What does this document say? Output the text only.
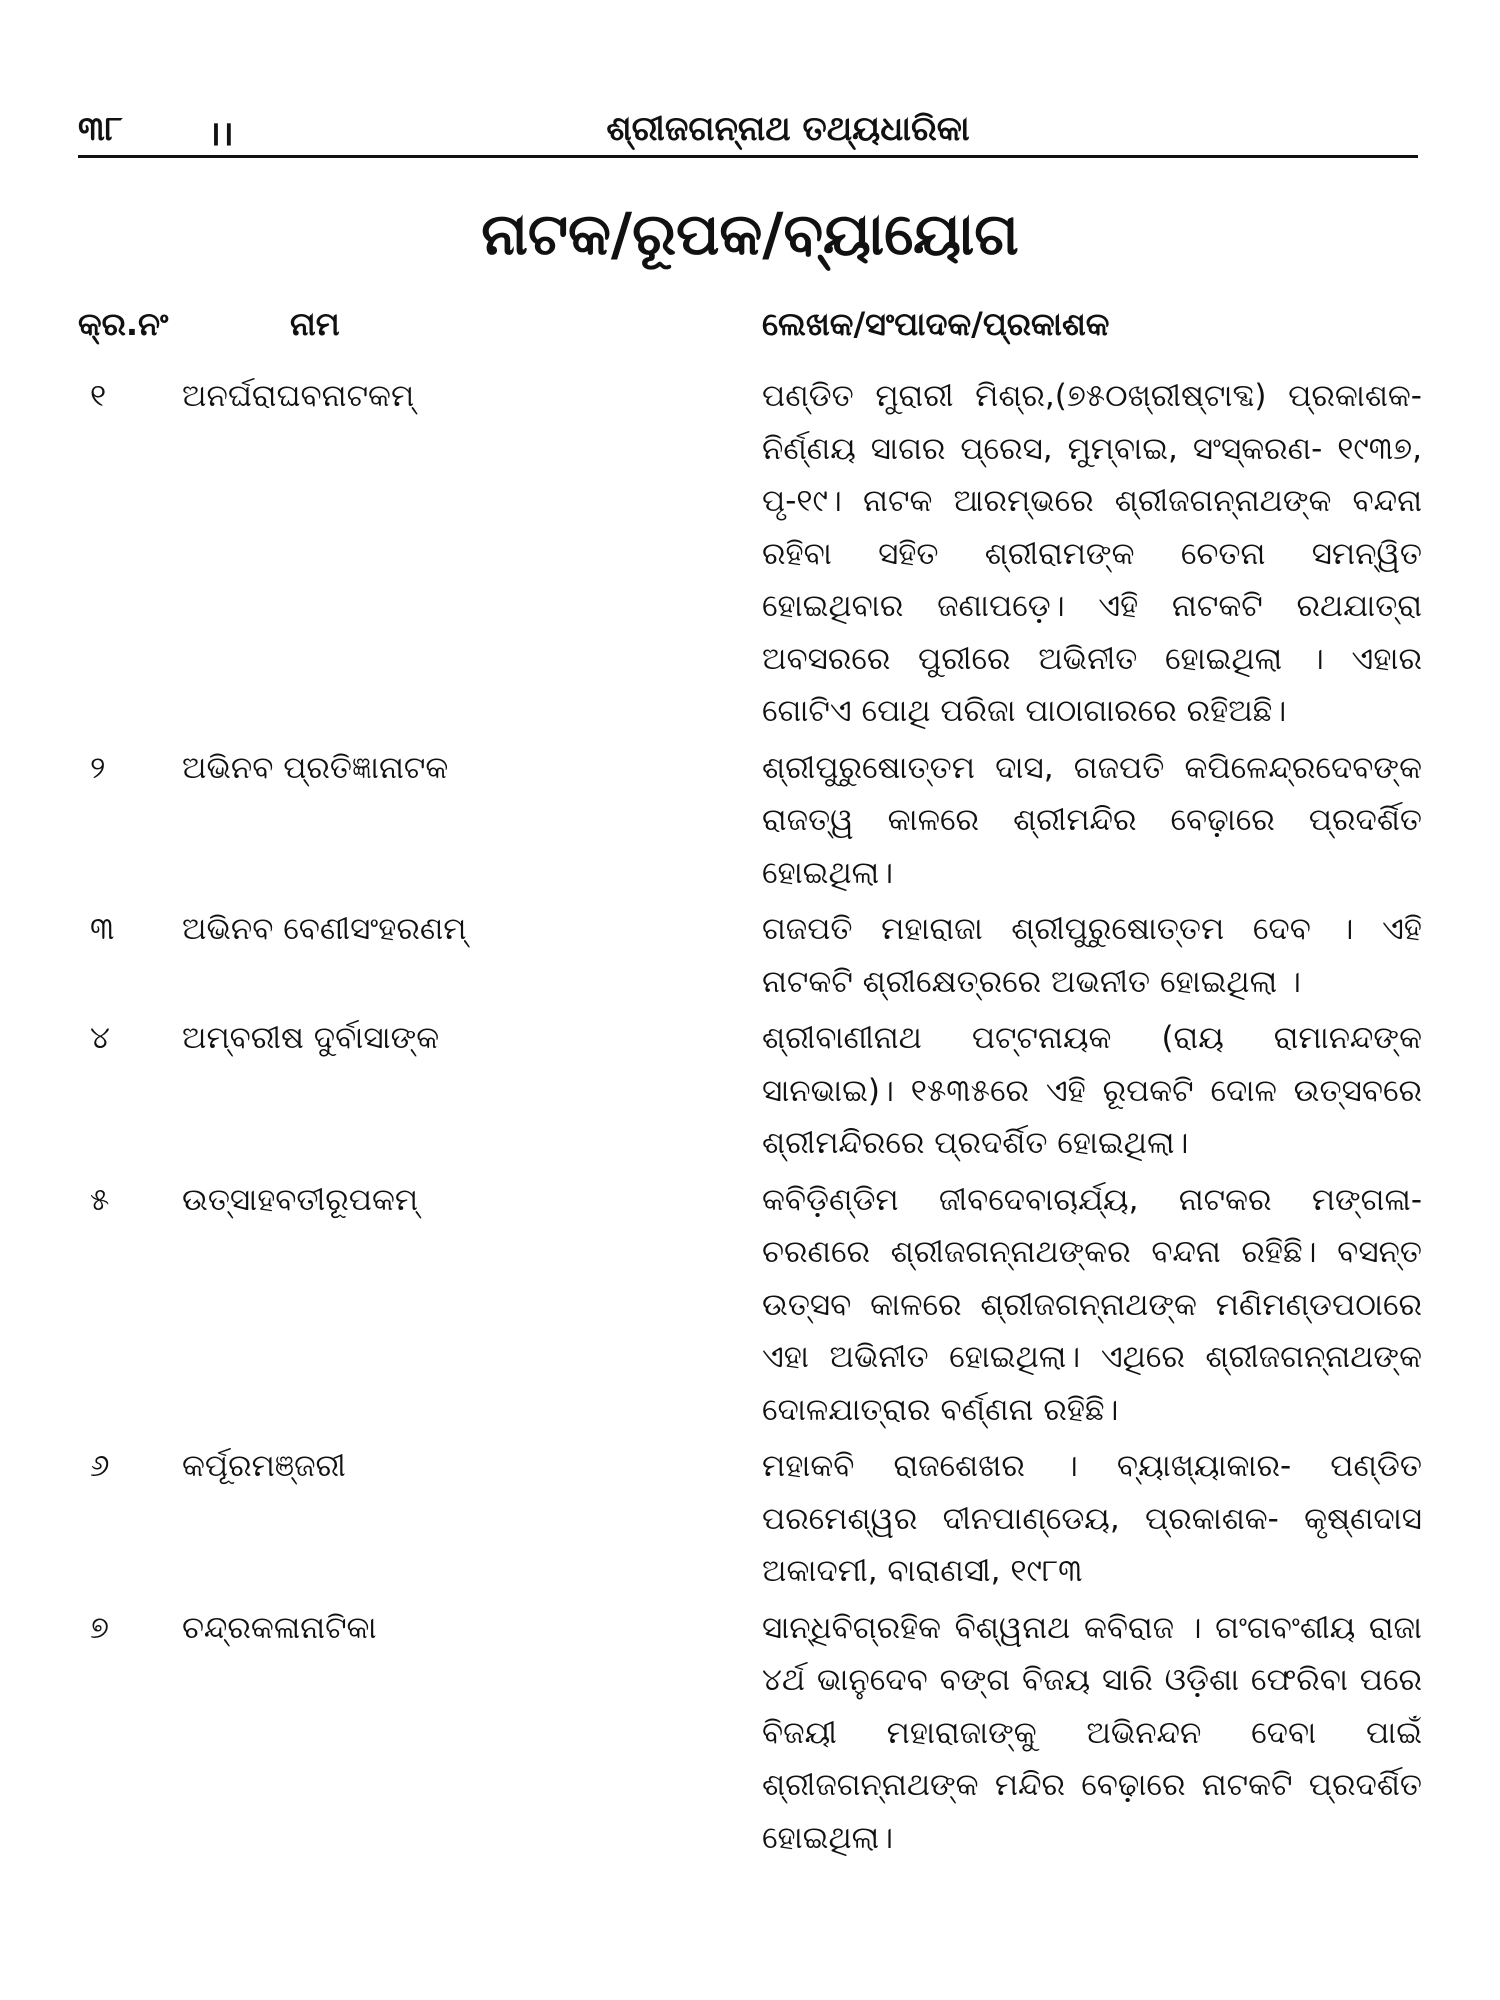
୩୮	।।	ଶ୍ରୀଜଗନ୍ନାଥ ତଥ୍ୟଧାରିକା
ନାଟକ/ରୂପକ/ବ୍ୟାୟୋଗ
କ୍ର.ନଂ	ନାମ	ଲେଖକ/ସଂପାଦକ/ପ୍ରକାଶକ
୧ ଅନର୍ଘରାଘବନାଟକମ୍	ପଣ୍ଡିତ ମୁରାରୀ ମିଶ୍ର,(୭୫୦ଖ୍ରୀଷ୍ଟାବ୍ଦ) ପ୍ରକାଶକ- ନିର୍ଣ୍ଣୟ ସାଗର ପ୍ରେସ, ମୁମ୍ବାଇ, ସଂସ୍କରଣ- ୧୯୩୭, ପୃ-୧୯। ନାଟକ ଆରମ୍ଭରେ ଶ୍ରୀଜଗନ୍ନାଥଙ୍କ ବନ୍ଦନା ରହିବା ସହିତ ଶ୍ରୀରାମଙ୍କ ଚେତନା ସମନ୍ୱିତ ହୋଇଥିବାର ଜଣାପଡ଼େ। ଏହି ନାଟକଟି ରଥଯାତ୍ରା ଅବସରରେ ପୁରୀରେ ଅଭିନୀତ ହୋଇଥିଲା । ଏହାର ଗୋଟିଏ ପୋଥି ପରିଜା ପାଠାଗାରରେ ରହିଅଛି।
୨ ଅଭିନବ ପ୍ରତିଜ୍ଞାନାଟକ	ଶ୍ରୀପୁରୁଷୋତ୍ତମ ଦାସ, ଗଜପତି କପିଳେନ୍ଦ୍ରଦେବଙ୍କ ରାଜତ୍ୱ କାଳରେ ଶ୍ରୀମନ୍ଦିର ବେଢ଼ାରେ ପ୍ରଦର୍ଶିତ ହୋଇଥିଲା।
୩ ଅଭିନବ ବେଣୀସଂହରଣମ୍	ଗଜପତି ମହାରାଜା ଶ୍ରୀପୁରୁଷୋତ୍ତମ ଦେବ । ଏହି ନାଟକଟି ଶ୍ରୀକ୍ଷେତ୍ରରେ ଅଭନୀତ ହୋଇଥିଲା ।
୪ ଅମ୍ବରୀଷ ଦୁର୍ବାସାଙ୍କ	ଶ୍ରୀବାଣୀନାଥ ପଟ୍ଟନାୟକ (ରାୟ ରାମାନନ୍ଦଙ୍କ ସାନଭାଇ)। ୧୫୩୫ରେ ଏହି ରୂପକଟି ଦୋଳ ଉତ୍ସବରେ ଶ୍ରୀମନ୍ଦିରରେ ପ୍ରଦର୍ଶିତ ହୋଇଥିଲା।
୫ ଉତ୍ସାହବତୀରୂପକମ୍	କବିଡ଼ିଣ୍ଡିମ ଜୀବଦେବାଚାର୍ଯ୍ୟ, ନାଟକର ମଙ୍ଗଳା- ଚରଣରେ ଶ୍ରୀଜଗନ୍ନାଥଙ୍କର ବନ୍ଦନା ରହିଛି। ବସନ୍ତ ଉତ୍ସବ କାଳରେ ଶ୍ରୀଜଗନ୍ନାଥଙ୍କ ମଣିମଣ୍ଡପଠାରେ ଏହା ଅଭିନୀତ ହୋଇଥିଲା। ଏଥିରେ ଶ୍ରୀଜଗନ୍ନାଥଙ୍କ ଦୋଳଯାତ୍ରାର ବର୍ଣ୍ଣନା ରହିଛି।
୬ କର୍ପୂରମଞ୍ଜରୀ	ମହାକବି ରାଜଶେଖର । ବ୍ୟାଖ୍ୟାକାର- ପଣ୍ଡିତ ପରମେଶ୍ୱର ଦୀନପାଣ୍ଡେୟ, ପ୍ରକାଶକ- କୃଷ୍ଣଦାସ ଅକାଦମୀ, ବାରାଣସୀ, ୧୯୮୩
୭ ଚନ୍ଦ୍ରକଳାନାଟିକା	ସାନ୍ଧିବିଗ୍ରହିକ ବିଶ୍ୱନାଥ କବିରାଜ । ଗଂଗବଂଶୀୟ ରାଜା ୪ର୍ଥ ଭାନୁଦେବ ବଙ୍ଗ ବିଜୟ ସାରି ଓଡ଼ିଶା ଫେରିବା ପରେ ବିଜୟୀ ମହାରାଜାଙ୍କୁ ଅଭିନନ୍ଦନ ଦେବା ପାଇଁ ଶ୍ରୀଜଗନ୍ନାଥଙ୍କ ମନ୍ଦିର ବେଢ଼ାରେ ନାଟକଟି ପ୍ରଦର୍ଶିତ ହୋଇଥିଲା।
